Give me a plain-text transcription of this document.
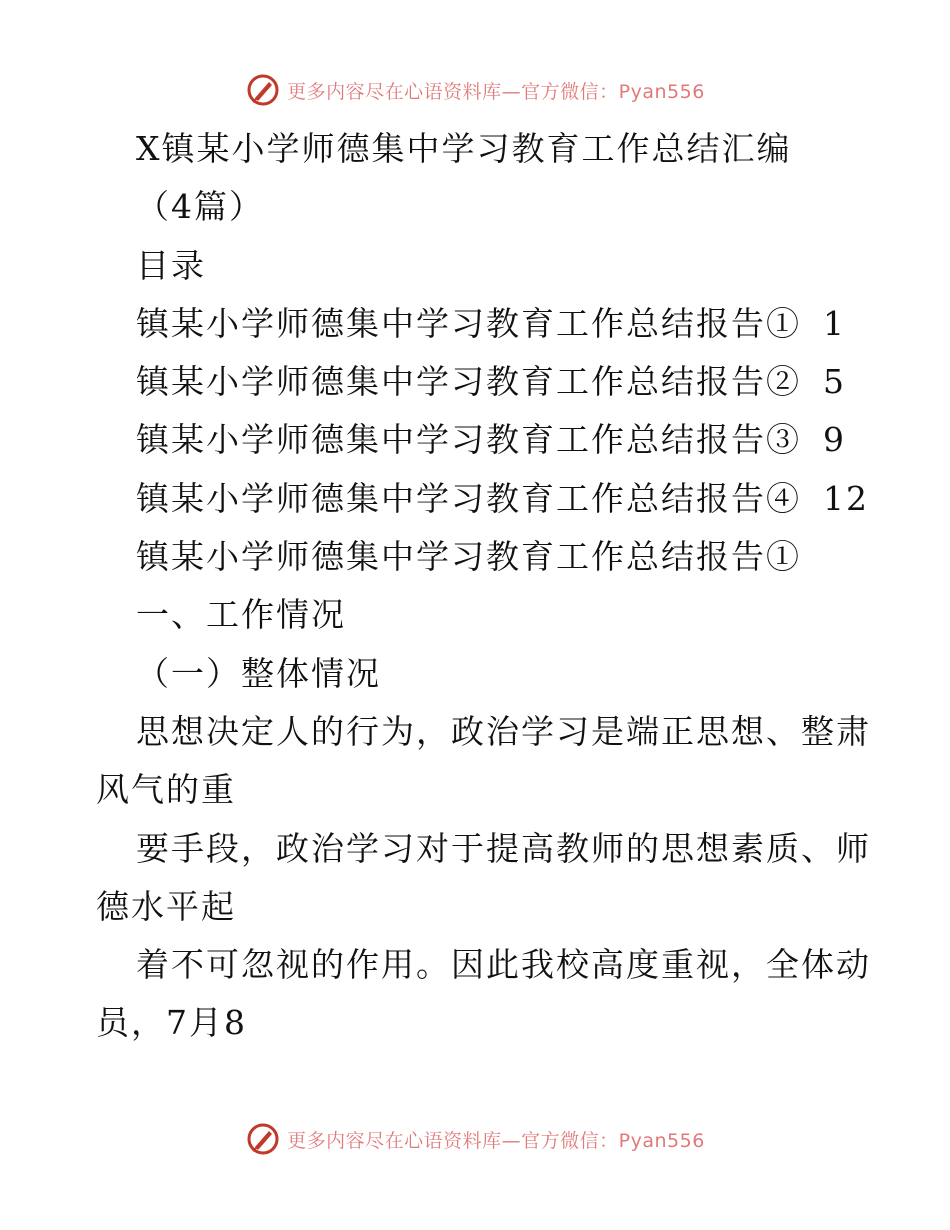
更多内容尽在心语资料库—官方微信：Pyan556
X镇某小学师德集中学习教育工作总结汇编
（4篇）
目录
镇某小学师德集中学习教育工作总结报告① 1
镇某小学师德集中学习教育工作总结报告② 5
镇某小学师德集中学习教育工作总结报告③ 9
镇某小学师德集中学习教育工作总结报告④ 12
镇某小学师德集中学习教育工作总结报告①
一、工作情况
（一）整体情况
思想决定人的行为，政治学习是端正思想、整肃
风气的重
要手段，政治学习对于提高教师的思想素质、师
德水平起
着不可忽视的作用。因此我校高度重视，全体动
员，7月8
更多内容尽在心语资料库—官方微信：Pyan556
